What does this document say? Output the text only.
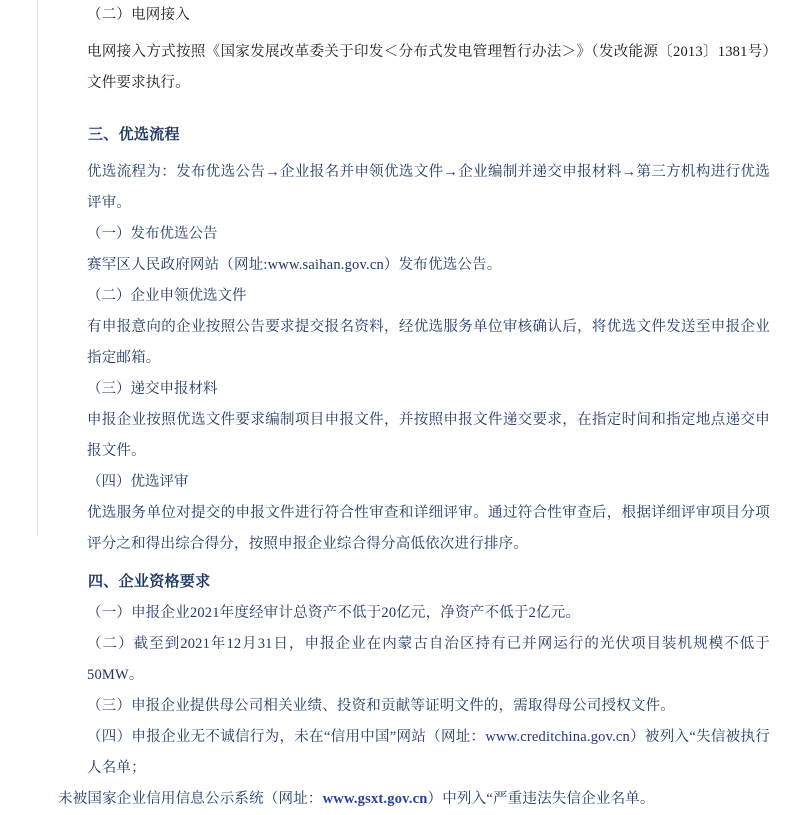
（二）电网接入

电网接入方式按照《国家发展改革委关于印发＜分布式发电管理暂行办法＞》（发改能源〔2013〕1381号）文件要求执行。

三、优选流程

优选流程为：发布优选公告→企业报名并申领优选文件→企业编制并递交申报材料→第三方机构进行优选评审。

（一）发布优选公告

赛罕区人民政府网站（网址:www.saihan.gov.cn）发布优选公告。

（二）企业申领优选文件

有申报意向的企业按照公告要求提交报名资料，经优选服务单位审核确认后，将优选文件发送至申报企业指定邮箱。

（三）递交申报材料

申报企业按照优选文件要求编制项目申报文件，并按照申报文件递交要求，在指定时间和指定地点递交申报文件。

（四）优选评审

优选服务单位对提交的申报文件进行符合性审查和详细评审。通过符合性审查后，根据详细评审项目分项评分之和得出综合得分，按照申报企业综合得分高低依次进行排序。

四、企业资格要求

（一）申报企业2021年度经审计总资产不低于20亿元，净资产不低于2亿元。

（二）截至到2021年12月31日，申报企业在内蒙古自治区持有已并网运行的光伏项目装机规模不低于50MW。

（三）申报企业提供母公司相关业绩、投资和贡献等证明文件的，需取得母公司授权文件。

（四）申报企业无不诚信行为，未在“信用中国”网站（网址：www.creditchina.gov.cn）被列入“失信被执行人名单；

未被国家企业信用信息公示系统（网址：www.gsxt.gov.cn）中列入“严重违法失信企业名单。
